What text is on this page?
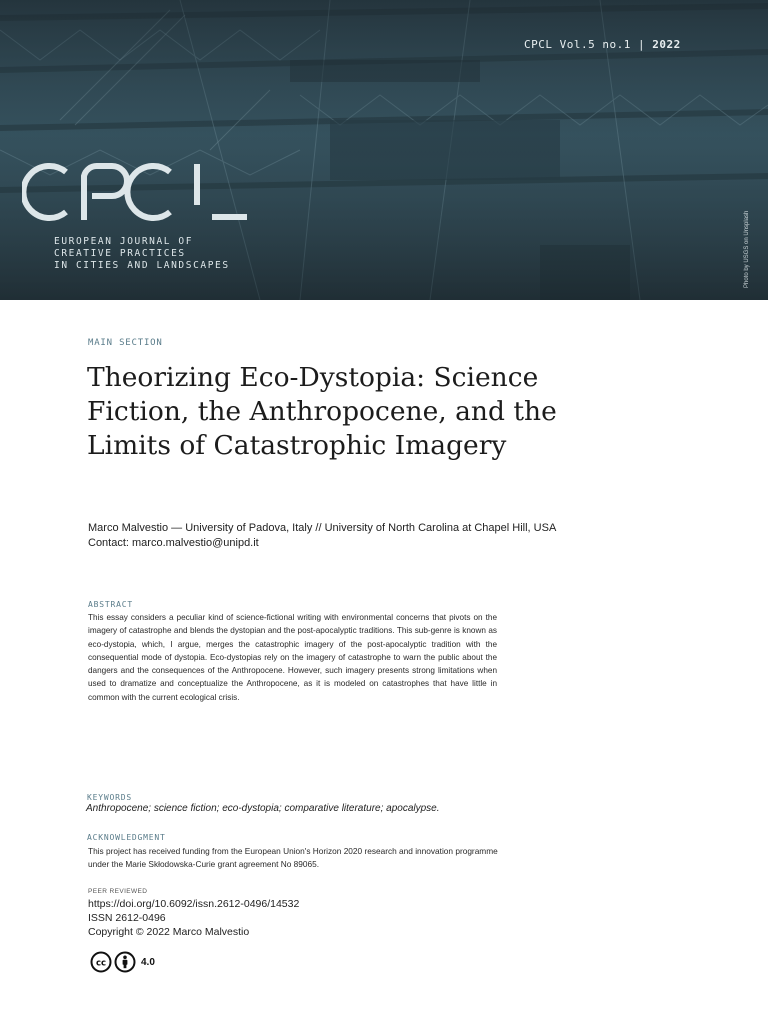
CPCL Vol.5 no.1 | 2022
CPCL
EUROPEAN JOURNAL OF
CREATIVE PRACTICES
IN CITIES AND LANDSCAPES	Photo by USGS on Unsplash
MAIN SECTION
Theorizing Eco-Dystopia: Science Fiction, the Anthropocene, and the Limits of Catastrophic Imagery
Marco Malvestio — University of Padova, Italy // University of North Carolina at Chapel Hill, USA
Contact: marco.malvestio@unipd.it
ABSTRACT

This essay considers a peculiar kind of science-fictional writing with environmental concerns that pivots on the imagery of catastrophe and blends the dystopian and the post-apocalyptic traditions. This sub-genre is known as eco-dystopia, which, I argue, merges the catastrophic imagery of the post-apocalyptic tradition with the consequential mode of dystopia. Eco-dystopias rely on the imagery of catastrophe to warn the public about the dangers and the consequences of the Anthropocene. However, such imagery presents strong limitations when used to dramatize and conceptualize the Anthropocene, as it is modeled on catastrophes that have little in common with the current ecological crisis.

KEYWORDS
Anthropocene; science fiction; eco-dystopia; comparative literature; apocalypse.
ACKNOWLEDGMENT

This project has received funding from the European Union's Horizon 2020 research and innovation programme under the Marie Skłodowska-Curie grant agreement No 89065.

PEER REVIEWED
https://doi.org/10.6092/issn.2612-0496/14532
ISSN 2612-0496
Copyright © 2022 Marco Malvestio
cc	4.0
